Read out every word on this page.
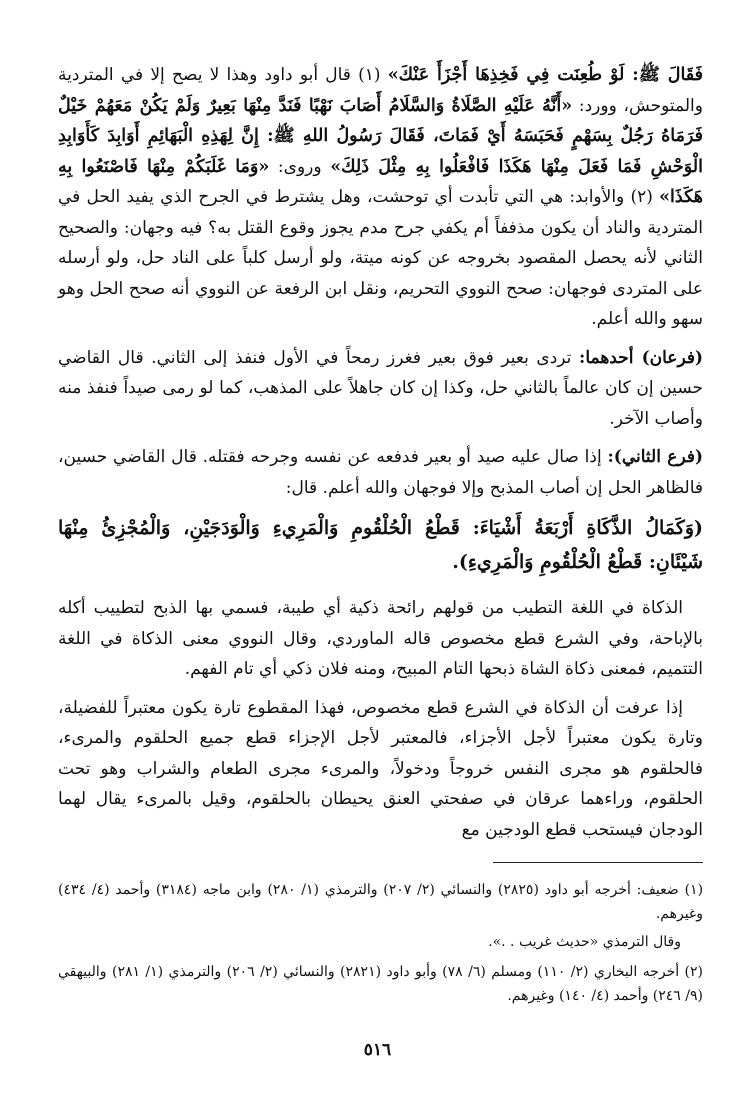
فَقَالَ ﷺ: لَوْ طُعِنَت فِي فَخِذِهَا أَجْزَأَ عَنْكَ» (١) قال أبو داود وهذا لا يصح إلا في المتردية والمتوحش، وورد: «أَنَّهُ عَلَيْهِ الصَّلَاةُ وَالسَّلَامُ أَصَابَ نَهْبًا فَنَدَّ مِنْهَا بَعِيرٌ وَلَمْ يَكُنْ مَعَهُمْ خَيْلٌ فَرَمَاهُ رَجُلٌ بِسَهْمٍ فَحَبَسَهُ أَيْ فَمَاتَ، فَقَالَ رَسُولُ اللهِ ﷺ: إِنَّ لِهَذِهِ الْبَهَائِمِ أَوَابِدَ كَأَوَابِدِ الْوَحْشِ فَمَا فَعَلَ مِنْهَا هَكَذَا فَافْعَلُوا بِهِ مِثْلَ ذَلِكَ» وروى: «وَمَا غَلَبَكُمْ مِنْهَا فَاصْنَعُوا بِهِ هَكَذَا» (٢) والأوابد: هي التي تأبدت أي توحشت، وهل يشترط في الجرح الذي يفيد الحل في المتردية والناد أن يكون مذففاً أم يكفي جرح مدم يجوز وقوع القتل به؟ فيه وجهان: والصحيح الثاني لأنه يحصل المقصود بخروجه عن كونه ميتة، ولو أرسل كلباً على الناد حل، ولو أرسله على المتردى فوجهان: صحح النووي التحريم، ونقل ابن الرفعة عن النووي أنه صحح الحل وهو سهو والله أعلم.

(فرعان) أحدهما: تردى بعير فوق بعير فغرز رمحاً في الأول فنفذ إلى الثاني. قال القاضي حسين إن كان عالماً بالثاني حل، وكذا إن كان جاهلاً على المذهب، كما لو رمى صيداً فنفذ منه وأصاب الآخر.

(فرع الثاني): إذا صال عليه صيد أو بعير فدفعه عن نفسه وجرحه فقتله. قال القاضي حسين، فالظاهر الحل إن أصاب المذبح وإلا فوجهان والله أعلم. قال:

(وَكَمَالُ الذَّكَاةِ أَرْبَعَةُ أَشْيَاءَ: قَطْعُ الْحُلْقُومِ وَالْمَرِيءِ وَالْوَدَجَيْنِ، وَالْمُجْزِئُ مِنْهَا شَيْئَانِ: قَطْعُ الْحُلْقُومِ وَالْمَرِيءِ).

الذكاة في اللغة التطيب من قولهم رائحة ذكية أي طيبة، فسمي بها الذبح لتطييب أكله بالإباحة، وفي الشرع قطع مخصوص قاله الماوردي، وقال النووي معنى الذكاة في اللغة التتميم، فمعنى ذكاة الشاة ذبحها التام المبيح، ومنه فلان ذكي أي تام الفهم.

إذا عرفت أن الذكاة في الشرع قطع مخصوص، فهذا المقطوع تارة يكون معتبراً للفضيلة، وتارة يكون معتبراً لأجل الأجزاء، فالمعتبر لأجل الإجزاء قطع جميع الحلقوم والمرىء، فالحلقوم هو مجرى النفس خروجاً ودخولاً، والمرىء مجرى الطعام والشراب وهو تحت الحلقوم، وراءهما عرقان في صفحتي العنق يحيطان بالحلقوم، وقيل بالمرىء يقال لهما الودجان فيستحب قطع الودجين مع

(١) ضعيف: أخرجه أبو داود (٢٨٢٥) والنسائي (٢/ ٢٠٧) والترمذي (١/ ٢٨٠) وابن ماجه (٣١٨٤) وأحمد (٤/ ٤٣٤) وغيرهم.

وقال الترمذي «حديث غريب . .».

(٢) أخرجه البخاري (٢/ ١١٠) ومسلم (٦/ ٧٨) وأبو داود (٢٨٢١) والنسائي (٢/ ٢٠٦) والترمذي (١/ ٢٨١) والبيهقي (٩/ ٢٤٦) وأحمد (٤/ ١٤٠) وغيرهم.

٥١٦
